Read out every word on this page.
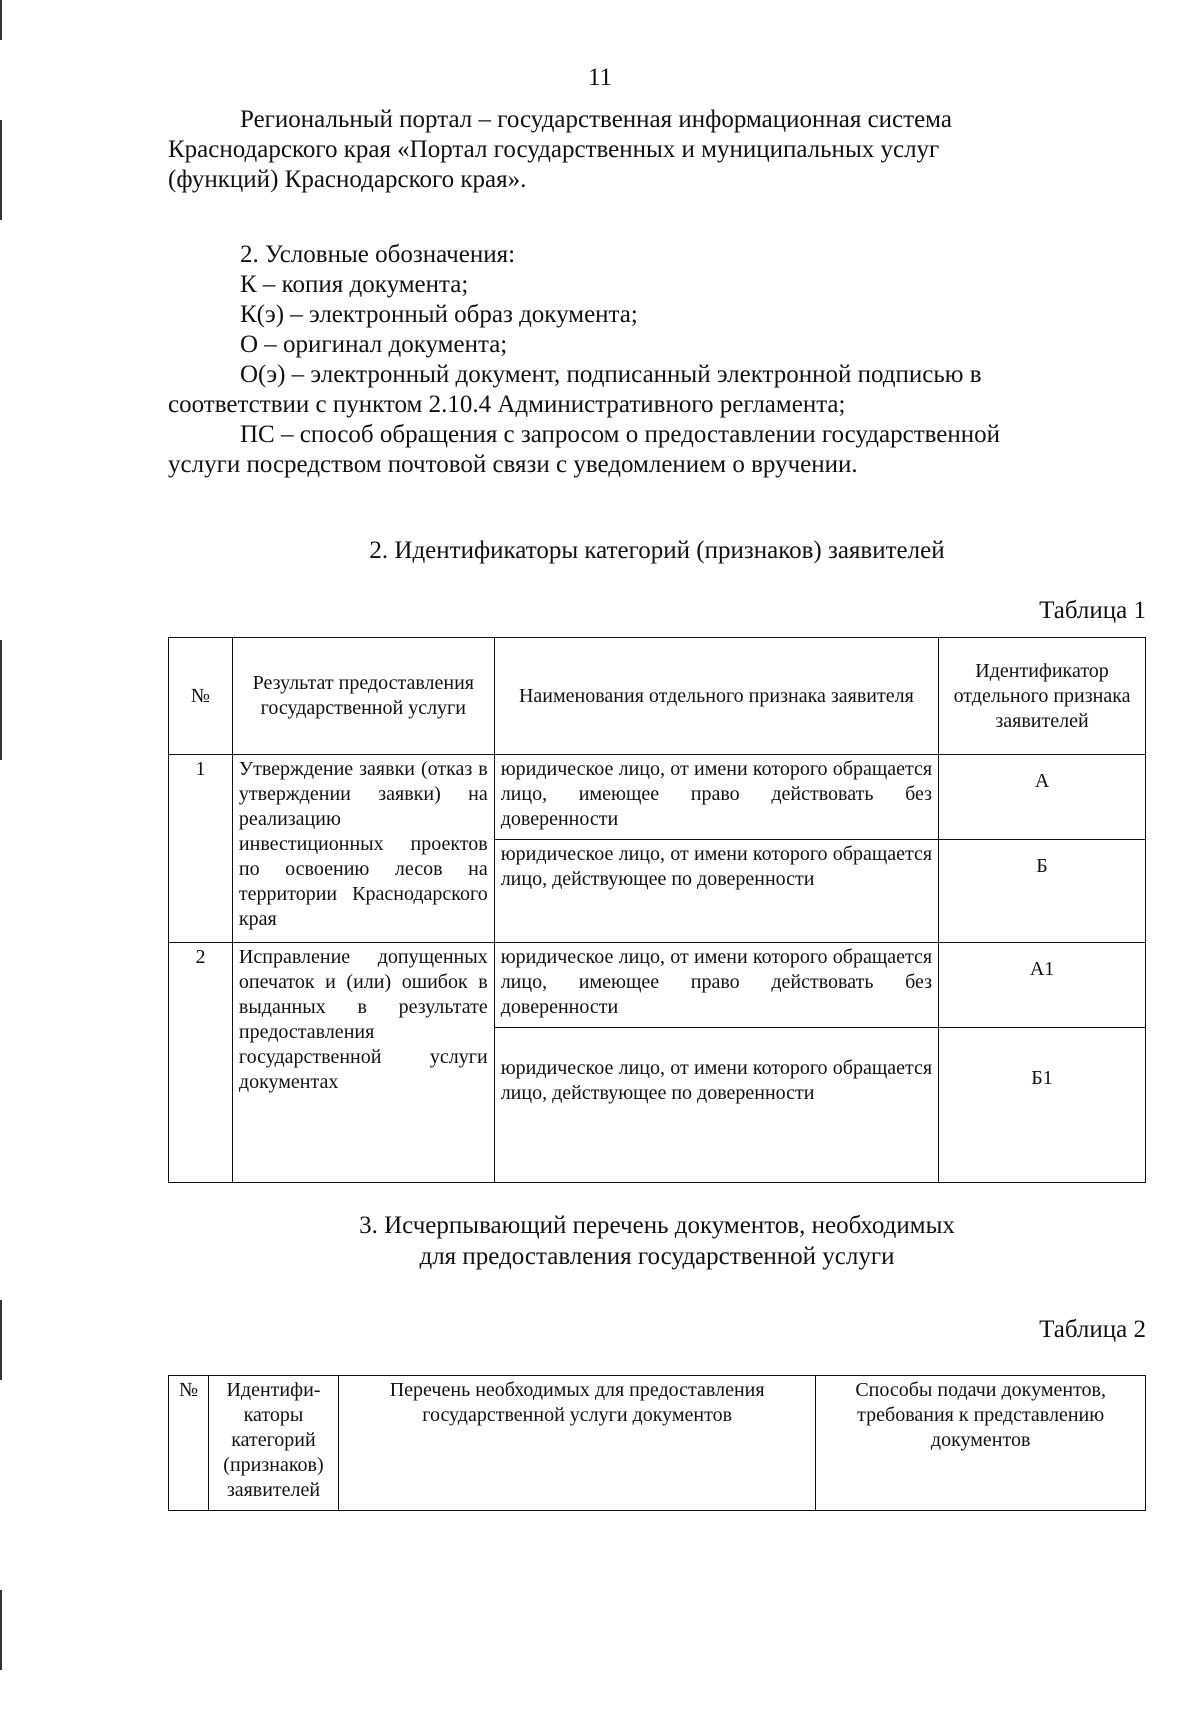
11
Региональный портал – государственная информационная система
Краснодарского края «Портал государственных и муниципальных услуг
(функций) Краснодарского края».
2. Условные обозначения:
К – копия документа;
К(э) – электронный образ документа;
О – оригинал документа;
О(э) – электронный документ, подписанный электронной подписью в
соответствии с пунктом 2.10.4 Административного регламента;
ПС – способ обращения с запросом о предоставлении государственной
услуги посредством почтовой связи с уведомлением о вручении.
2. Идентификаторы категорий (признаков) заявителей
Таблица 1
№	Результат предоставления государственной услуги	Наименования отдельного признака заявителя	Идентификатор отдельного признака заявителей
1	Утверждение заявки (отказ в утверждении заявки) на реализацию инвестиционных проектов по освоению лесов на территории Краснодарского края	юридическое лицо, от имени которого обращается лицо, имеющее право действовать без доверенности	А
		юридическое лицо, от имени которого обращается лицо, действующее по доверенности	Б
2	Исправление допущенных опечаток и (или) ошибок в выданных в результате предоставления государственной услуги документах	юридическое лицо, от имени которого обращается лицо, имеющее право действовать без доверенности	А1
		юридическое лицо, от имени которого обращается лицо, действующее по доверенности	Б1
3. Исчерпывающий перечень документов, необходимых
для предоставления государственной услуги
Таблица 2
№	Идентифи-каторы категорий (признаков) заявителей	Перечень необходимых для предоставления государственной услуги документов	Способы подачи документов, требования к представлению документов
